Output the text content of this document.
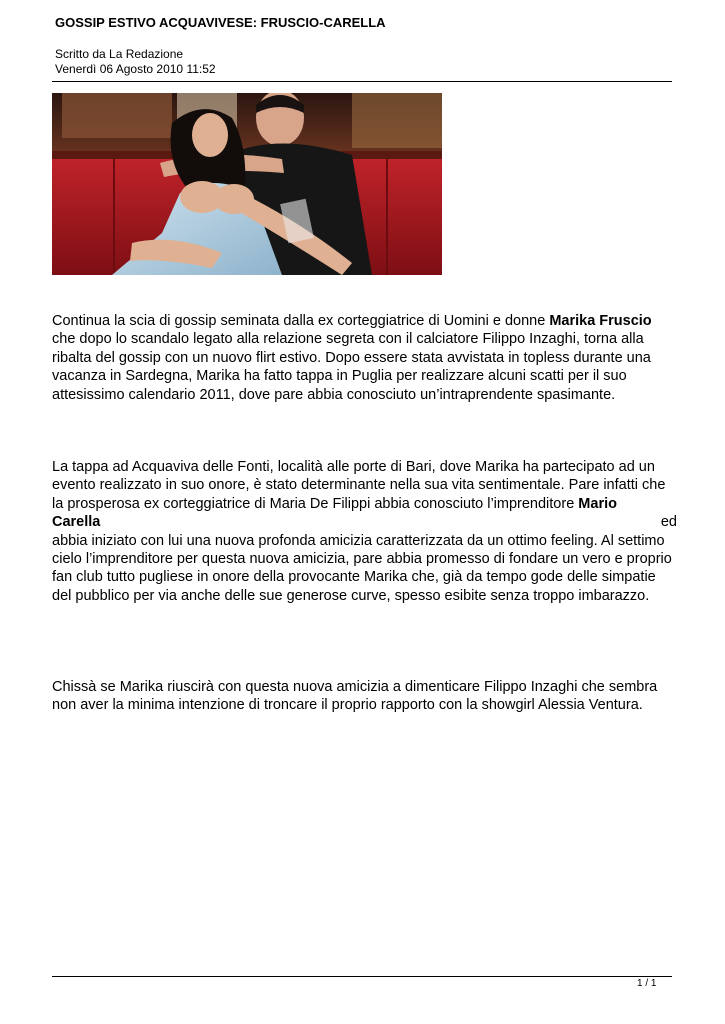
GOSSIP ESTIVO ACQUAVIVESE: FRUSCIO-CARELLA
Scritto da La Redazione
Venerdì 06 Agosto 2010 11:52

Continua la scia di gossip seminata dalla ex corteggiatrice di Uomini e donne Marika Fruscio che dopo lo scandalo legato alla relazione segreta con il calciatore Filippo Inzaghi, torna alla ribalta del gossip con un nuovo flirt estivo. Dopo essere stata avvistata in topless durante una vacanza in Sardegna, Marika ha fatto tappa in Puglia per realizzare alcuni scatti per il suo attesissimo calendario 2011, dove pare abbia conosciuto un’intraprendente spasimante.

La tappa ad Acquaviva delle Fonti, località alle porte di Bari, dove Marika ha partecipato ad un evento realizzato in suo onore, è stato determinante nella sua vita sentimentale. Pare infatti che la prosperosa ex corteggiatrice di Maria De Filippi abbia conosciuto l’imprenditore Mario
Carella	ed
abbia iniziato con lui una nuova profonda amicizia caratterizzata da un ottimo feeling. Al settimo cielo l’imprenditore per questa nuova amicizia, pare abbia promesso di fondare un vero e proprio fan club tutto pugliese in onore della provocante Marika che, già da tempo gode delle simpatie del pubblico per via anche delle sue generose curve, spesso esibite senza troppo imbarazzo.

Chissà se Marika riuscirà con questa nuova amicizia a dimenticare Filippo Inzaghi che sembra non aver la minima intenzione di troncare il proprio rapporto con la showgirl Alessia Ventura.

1 / 1
